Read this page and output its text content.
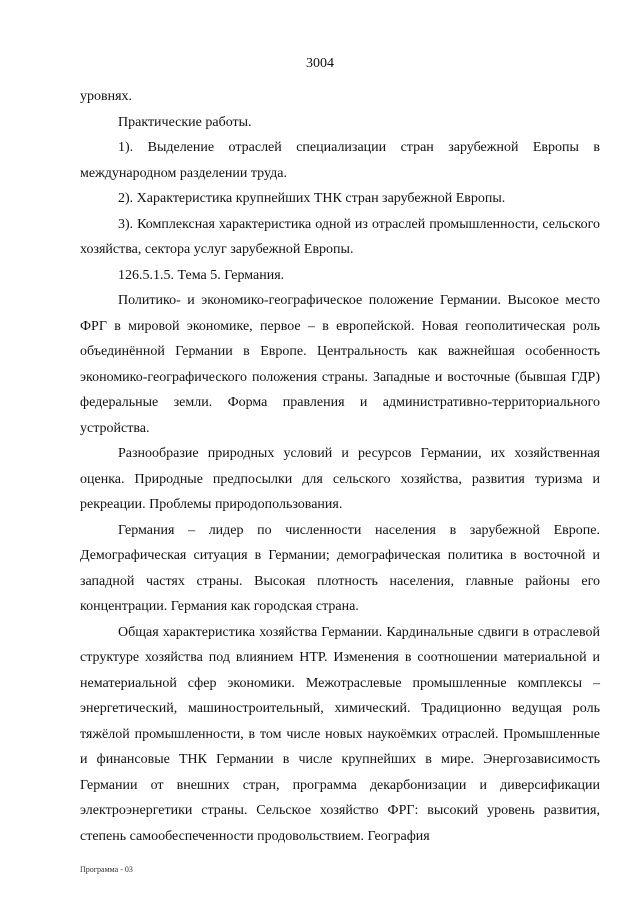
3004

уровнях.

Практические работы.

1). Выделение отраслей специализации стран зарубежной Европы в международном разделении труда.

2). Характеристика крупнейших ТНК стран зарубежной Европы.

3). Комплексная характеристика одной из отраслей промышленности, сельского хозяйства, сектора услуг зарубежной Европы.

126.5.1.5. Тема 5. Германия.

Политико- и экономико-географическое положение Германии. Высокое место ФРГ в мировой экономике, первое – в европейской. Новая геополитическая роль объединённой Германии в Европе. Центральность как важнейшая особенность экономико-географического положения страны. Западные и восточные (бывшая ГДР) федеральные земли. Форма правления и административно-территориального устройства.

Разнообразие природных условий и ресурсов Германии, их хозяйственная оценка. Природные предпосылки для сельского хозяйства, развития туризма и рекреации. Проблемы природопользования.

Германия – лидер по численности населения в зарубежной Европе. Демографическая ситуация в Германии; демографическая политика в восточной и западной частях страны. Высокая плотность населения, главные районы его концентрации. Германия как городская страна.

Общая характеристика хозяйства Германии. Кардинальные сдвиги в отраслевой структуре хозяйства под влиянием НТР. Изменения в соотношении материальной и нематериальной сфер экономики. Межотраслевые промышленные комплексы – энергетический, машиностроительный, химический. Традиционно ведущая роль тяжёлой промышленности, в том числе новых наукоёмких отраслей. Промышленные и финансовые ТНК Германии в числе крупнейших в мире. Энергозависимость Германии от внешних стран, программа декарбонизации и диверсификации электроэнергетики страны. Сельское хозяйство ФРГ: высокий уровень развития, степень самообеспеченности продовольствием. География

Программа - 03
